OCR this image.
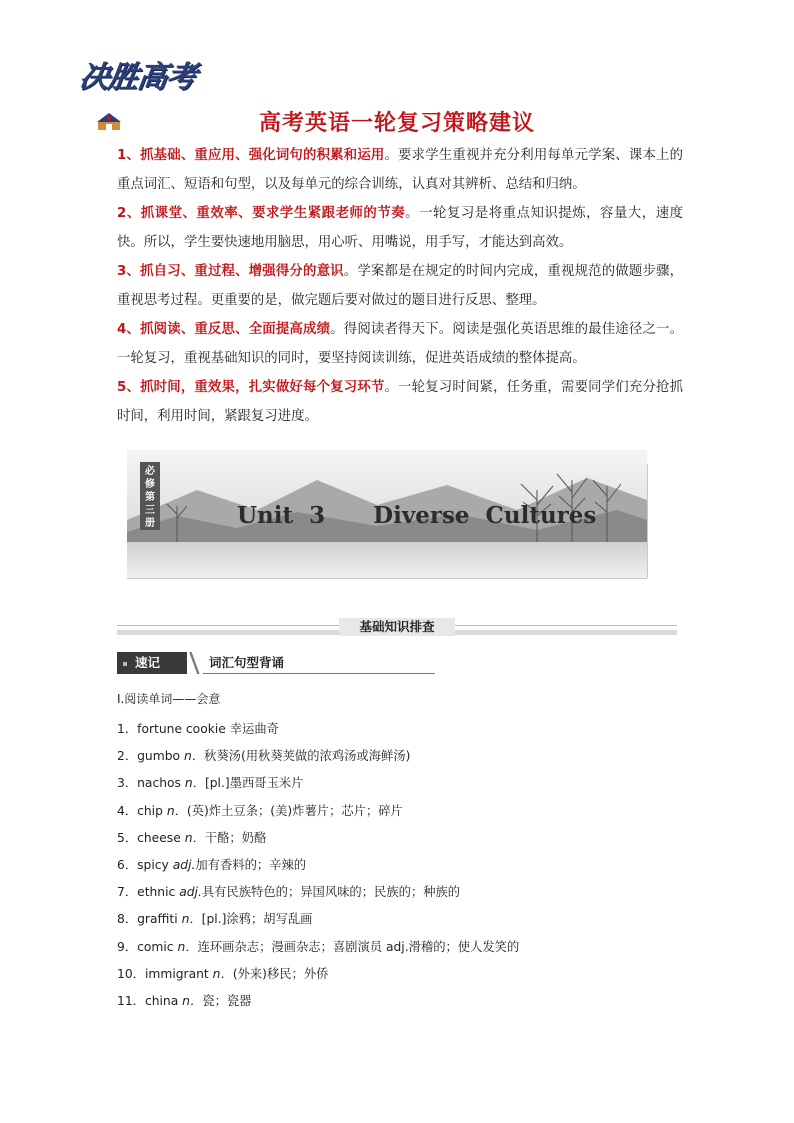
决胜高考
高考英语一轮复习策略建议

1、抓基础、重应用、强化词句的积累和运用。要求学生重视并充分利用每单元学案、课本上的重点词汇、短语和句型，以及每单元的综合训练，认真对其辨析、总结和归纳。

2、抓课堂、重效率、要求学生紧跟老师的节奏。一轮复习是将重点知识提炼，容量大，速度快。所以，学生要快速地用脑思，用心听、用嘴说，用手写，才能达到高效。

3、抓自习、重过程、增强得分的意识。学案都是在规定的时间内完成，重视规范的做题步骤，重视思考过程。更重要的是，做完题后要对做过的题目进行反思、整理。

4、抓阅读、重反思、全面提高成绩。得阅读者得天下。阅读是强化英语思维的最佳途径之一。一轮复习，重视基础知识的同时，要坚持阅读训练，促进英语成绩的整体提高。

5、抓时间，重效果，扎实做好每个复习环节。一轮复习时间紧，任务重，需要同学们充分抢抓时间，利用时间，紧跟复习进度。

必
修
第
三
册	Unit 3   Diverse Cultures
基础知识排查
速记	词汇句型背诵
Ⅰ.阅读单词——会意
1．fortune cookie 幸运曲奇
2．gumbo n．秋葵汤(用秋葵荚做的浓鸡汤或海鲜汤)
3．nachos n．[pl.]墨西哥玉米片
4．chip n．(英)炸土豆条；(美)炸薯片；芯片；碎片
5．cheese n．干酪；奶酪
6．spicy adj.加有香料的；辛辣的
7．ethnic adj.具有民族特色的；异国风味的；民族的；种族的
8．graffiti n．[pl.]涂鸦；胡写乱画
9．comic n．连环画杂志；漫画杂志；喜剧演员 adj.滑稽的；使人发笑的
10．immigrant n．(外来)移民；外侨
11．china n．瓷；瓷器
